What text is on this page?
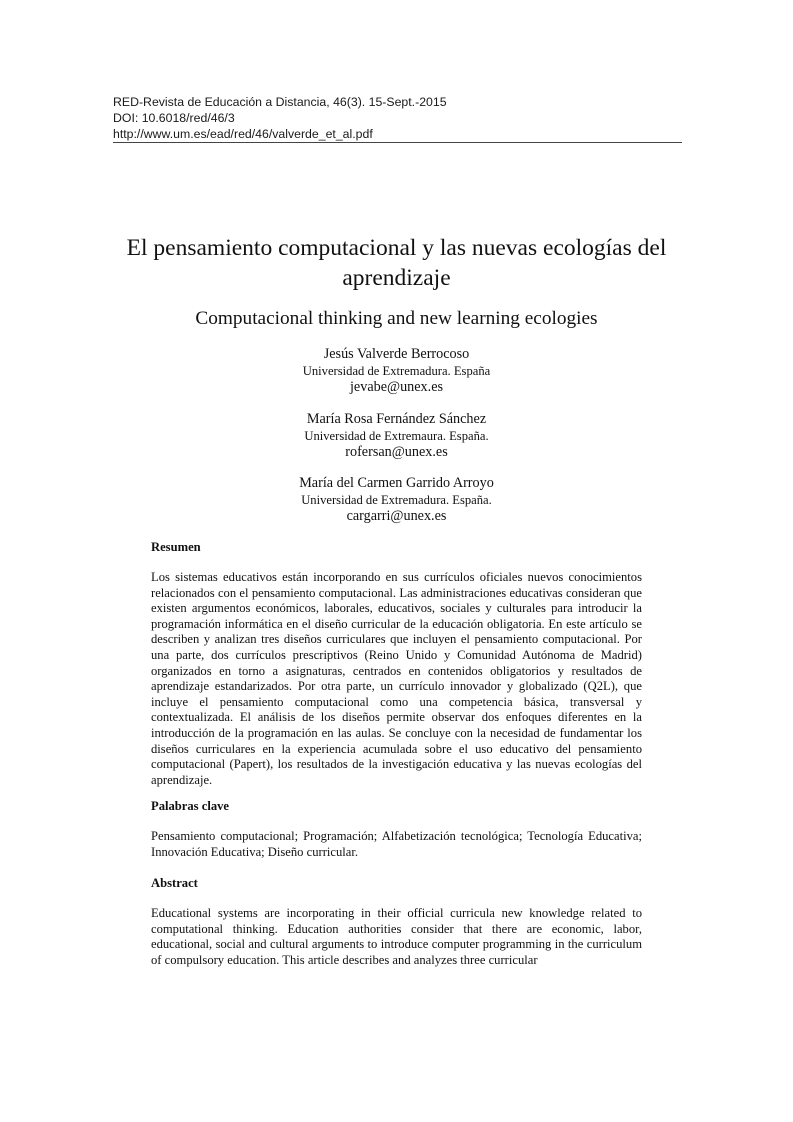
RED-Revista de Educación a Distancia, 46(3). 15-Sept.-2015
DOI: 10.6018/red/46/3
http://www.um.es/ead/red/46/valverde_et_al.pdf
El pensamiento computacional y las nuevas ecologías del aprendizaje
Computacional thinking and new learning ecologies
Jesús Valverde Berrocoso
Universidad de Extremadura. España
jevabe@unex.es
María Rosa Fernández Sánchez
Universidad de Extremaura. España.
rofersan@unex.es
María del Carmen Garrido Arroyo
Universidad de Extremadura. España.
cargarri@unex.es
Resumen
Los sistemas educativos están incorporando en sus currículos oficiales nuevos conocimientos relacionados con el pensamiento computacional. Las administraciones educativas consideran que existen argumentos económicos, laborales, educativos, sociales y culturales para introducir la programación informática en el diseño curricular de la educación obligatoria. En este artículo se describen y analizan tres diseños curriculares que incluyen el pensamiento computacional. Por una parte, dos currículos prescriptivos (Reino Unido y Comunidad Autónoma de Madrid) organizados en torno a asignaturas, centrados en contenidos obligatorios y resultados de aprendizaje estandarizados. Por otra parte, un currículo innovador y globalizado (Q2L), que incluye el pensamiento computacional como una competencia básica, transversal y contextualizada. El análisis de los diseños permite observar dos enfoques diferentes en la introducción de la programación en las aulas. Se concluye con la necesidad de fundamentar los diseños curriculares en la experiencia acumulada sobre el uso educativo del pensamiento computacional (Papert), los resultados de la investigación educativa y las nuevas ecologías del aprendizaje.
Palabras clave
Pensamiento computacional; Programación; Alfabetización tecnológica; Tecnología Educativa; Innovación Educativa; Diseño curricular.
Abstract
Educational systems are incorporating in their official curricula new knowledge related to computational thinking. Education authorities consider that there are economic, labor, educational, social and cultural arguments to introduce computer programming in the curriculum of compulsory education. This article describes and analyzes three curricular
